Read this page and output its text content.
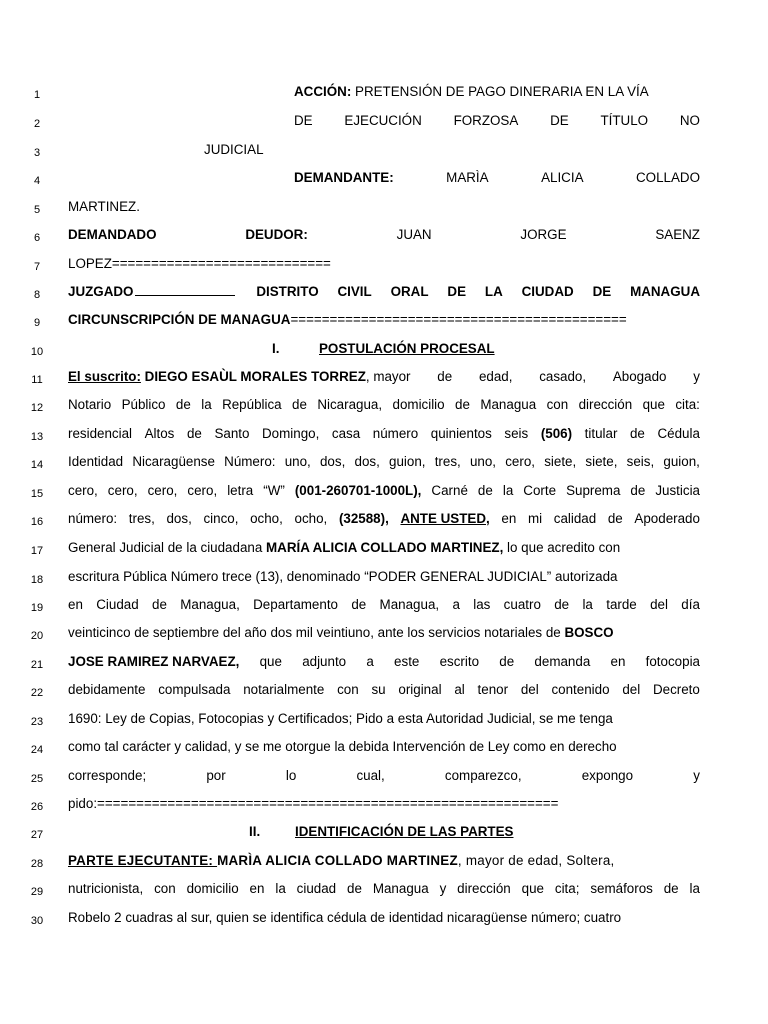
1	ACCIÓN: PRETENSIÓN DE PAGO DINERARIA EN LA VÍA
2	DE EJECUCIÓN FORZOSA DE TÍTULO NO
3	JUDICIAL
4	DEMANDANTE:	MARÌA	ALICIA	COLLADO
5	MARTINEZ.
6	DEMANDADO	DEUDOR:	JUAN	JORGE	SAENZ
7	LOPEZ============================
8	JUZGADO	DISTRITO CIVIL ORAL DE LA CIUDAD DE MANAGUA
9	CIRCUNSCRIPCIÓN DE MANAGUA===========================================
10	I.	POSTULACIÓN PROCESAL
11	El suscrito: DIEGO ESAÙL MORALES TORREZ, mayor de edad, casado, Abogado y
12	Notario Público de la República de Nicaragua, domicilio de Managua con dirección que cita:
13	residencial Altos de Santo Domingo, casa número quinientos seis (506) titular de Cédula
14	Identidad Nicaragüense Número: uno, dos, dos, guion, tres, uno, cero, siete, siete, seis, guion,
15	cero, cero, cero, cero, letra “W” (001-260701-1000L), Carné de la Corte Suprema de Justicia
16	número: tres, dos, cinco, ocho, ocho, (32588), ANTE USTED, en mi calidad de Apoderado
17	General Judicial de la ciudadana MARÍA ALICIA COLLADO MARTINEZ, lo que acredito con
18	escritura Pública Número trece (13), denominado “PODER GENERAL JUDICIAL” autorizada
19	en Ciudad de Managua, Departamento de Managua, a las cuatro de la tarde del día
20	veinticinco de septiembre del año dos mil veintiuno, ante los servicios notariales de BOSCO
21	JOSE RAMIREZ NARVAEZ, que adjunto a este escrito de demanda en fotocopia
22	debidamente compulsada notarialmente con su original al tenor del contenido del Decreto
23	1690: Ley de Copias, Fotocopias y Certificados; Pido a esta Autoridad Judicial, se me tenga
24	como tal carácter y calidad, y se me otorgue la debida Intervención de Ley como en derecho
25	corresponde;	por	lo	cual,	comparezco,	expongo	y
26	pido:===========================================================
27	II.	IDENTIFICACIÓN DE LAS PARTES
28	PARTE EJECUTANTE: MARÌA ALICIA COLLADO MARTINEZ, mayor de edad, Soltera,
29	nutricionista, con domicilio en la ciudad de Managua y dirección que cita; semáforos de la
30	Robelo 2 cuadras al sur, quien se identifica cédula de identidad nicaragüense número; cuatro
